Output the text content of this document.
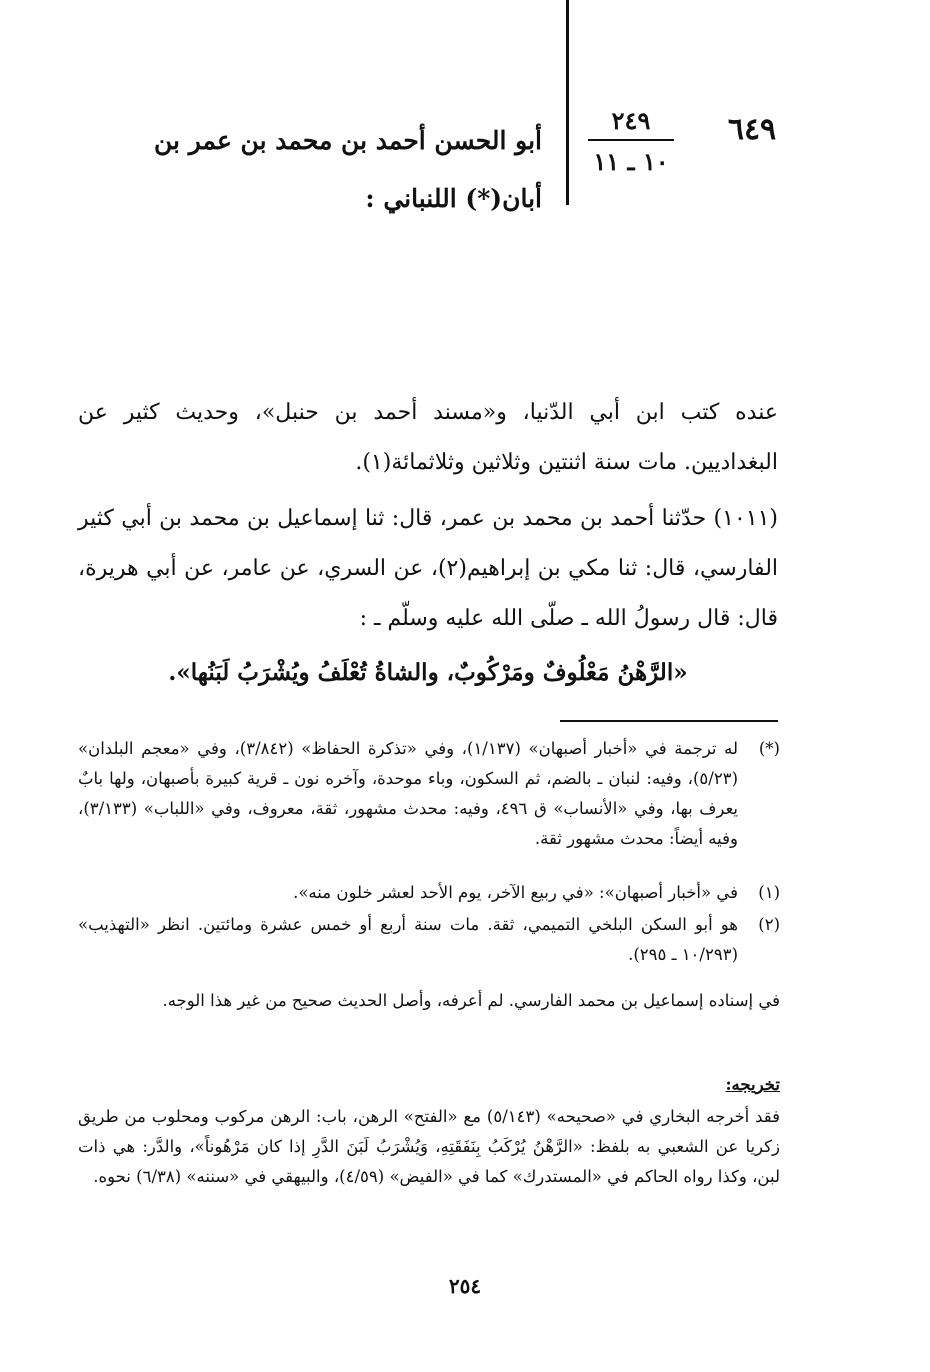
٦٤٩
٢٤٩
١٠ ـ ١١
أبو الحسن أحمد بن محمد بن عمر بن أبان(*) اللنباني :
عنده كتب ابن أبي الدّنيا، و«مسند أحمد بن حنبل»، وحديث كثير عن البغداديين. مات سنة اثنتين وثلاثين وثلاثمائة(١).
(١٠١١) حدّثنا أحمد بن محمد بن عمر، قال: ثنا إسماعيل بن محمد بن أبي كثير الفارسي، قال: ثنا مكي بن إبراهيم(٢)، عن السري، عن عامر، عن أبي هريرة، قال: قال رسولُ الله ـ صلّى الله عليه وسلّم ـ :
«الرَّهْنُ مَعْلُوفٌ ومَرْكُوبٌ، والشاةُ تُعْلَفُ ويُشْرَبُ لَبَنُها».
(*)
له ترجمة في «أخبار أصبهان» (١/١٣٧)، وفي «تذكرة الحفاظ» (٣/٨٤٢)، وفي «معجم البلدان» (٥/٢٣)، وفيه: لنبان ـ بالضم، ثم السكون، وباء موحدة، وآخره نون ـ قرية كبيرة بأصبهان، ولها بابٌ يعرف بها، وفي «الأنساب» ق ٤٩٦، وفيه: محدث مشهور، ثقة، معروف، وفي «اللباب» (٣/١٣٣)، وفيه أيضاً: محدث مشهور ثقة.
(١)
في «أخبار أصبهان»: «في ربيع الآخر، يوم الأحد لعشر خلون منه».
(٢)
هو أبو السكن البلخي التميمي، ثقة. مات سنة أربع أو خمس عشرة ومائتين. انظر «التهذيب» (١٠/٢٩٣ ـ ٢٩٥).
في إسناده إسماعيل بن محمد الفارسي. لم أعرفه، وأصل الحديث صحيح من غير هذا الوجه.
تخريجه:
فقد أخرجه البخاري في «صحيحه» (٥/١٤٣) مع «الفتح» الرهن، باب: الرهن مركوب ومحلوب من طريق زكريا عن الشعبي به بلفظ: «الرَّهْنُ يُرْكَبُ بِنَفَقَتِهِ، وَيُشْرَبُ لَبَنَ الدَّرِ إذا كان مَرْهُوناً»، والدَّر: هي ذات لبن، وكذا رواه الحاكم في «المستدرك» كما في «الفيض» (٤/٥٩)، والبيهقي في «سننه» (٦/٣٨) نحوه.
٢٥٤
